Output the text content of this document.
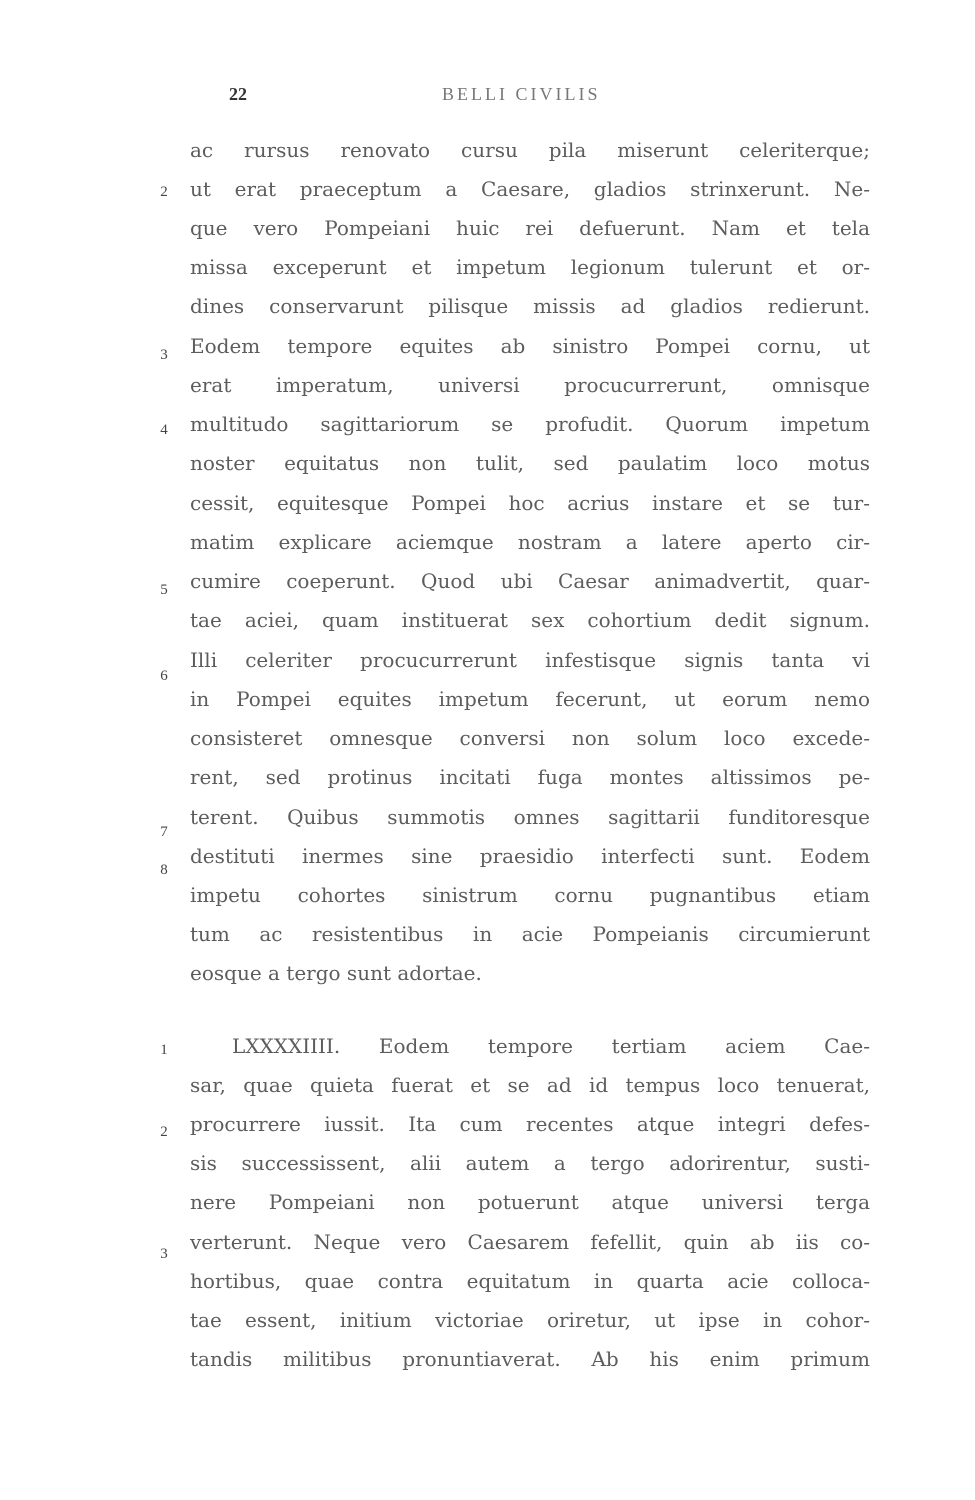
22	BELLI CIVILIS
ac rursus renovato cursu pila miserunt celeriterque;
ut erat praeceptum a Caesare, gladios strinxerunt. Ne-
que vero Pompeiani huic rei defuerunt. Nam et tela
missa exceperunt et impetum legionum tulerunt et or-
dines conservarunt pilisque missis ad gladios redierunt.
Eodem tempore equites ab sinistro Pompei cornu, ut
erat imperatum, universi procucurrerunt, omnisque
multitudo sagittariorum se profudit. Quorum impetum
noster equitatus non tulit, sed paulatim loco motus
cessit, equitesque Pompei hoc acrius instare et se tur-
matim explicare aciemque nostram a latere aperto cir-
cumire coeperunt. Quod ubi Caesar animadvertit, quar-
tae aciei, quam instituerat sex cohortium dedit signum.
Illi celeriter procucurrerunt infestisque signis tanta vi
in Pompei equites impetum fecerunt, ut eorum nemo
consisteret omnesque conversi non solum loco excede-
rent, sed protinus incitati fuga montes altissimos pe-
terent. Quibus summotis omnes sagittarii funditoresque
destituti inermes sine praesidio interfecti sunt. Eodem
impetu cohortes sinistrum cornu pugnantibus etiam
tum ac resistentibus in acie Pompeianis circumierunt
eosque a tergo sunt adortae.
LXXXXIIII. Eodem tempore tertiam aciem Cae-
sar, quae quieta fuerat et se ad id tempus loco tenuerat,
procurrere iussit. Ita cum recentes atque integri defes-
sis successissent, alii autem a tergo adorirentur, susti-
nere Pompeiani non potuerunt atque universi terga
verterunt. Neque vero Caesarem fefellit, quin ab iis co-
hortibus, quae contra equitatum in quarta acie colloca-
tae essent, initium victoriae oriretur, ut ipse in cohor-
tandis militibus pronuntiaverat. Ab his enim primum
2
3
4
5
6
7
8
1
2
3
